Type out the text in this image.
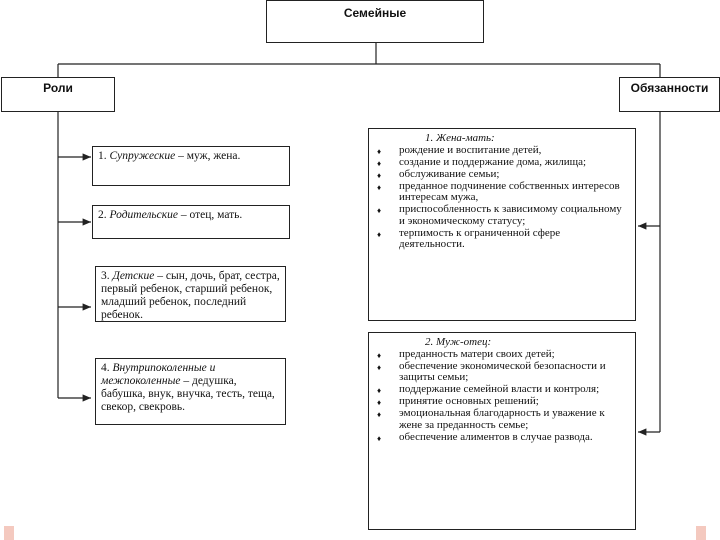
Семейные
Роли	Обязанности
1. Супружеские – муж, жена.
2. Родительские – отец, мать.
3. Детские – сын, дочь, брат, сестра, первый ребенок, старший ребенок, младший ребенок, последний ребенок.
4. Внутрипоколенные и межпоколенные – дедушка, бабушка, внук, внучка, тесть, теща, свекор, свекровь.
1. Жена-мать:
♦ рождение и воспитание детей,
♦ создание и поддержание дома, жилища;
♦ обслуживание семьи;
♦ преданное подчинение собственных интересов интересам мужа,
♦ приспособленность к зависимому социальному и экономическому статусу;
♦ терпимость к ограниченной сфере деятельности.
2. Муж-отец:
♦ преданность матери своих детей;
♦ обеспечение экономической безопасности и защиты семьи;
♦ поддержание семейной власти и контроля;
♦ принятие основных решений;
♦ эмоциональная благодарность и уважение к жене за преданность семье;
♦ обеспечение алиментов в случае развода.
